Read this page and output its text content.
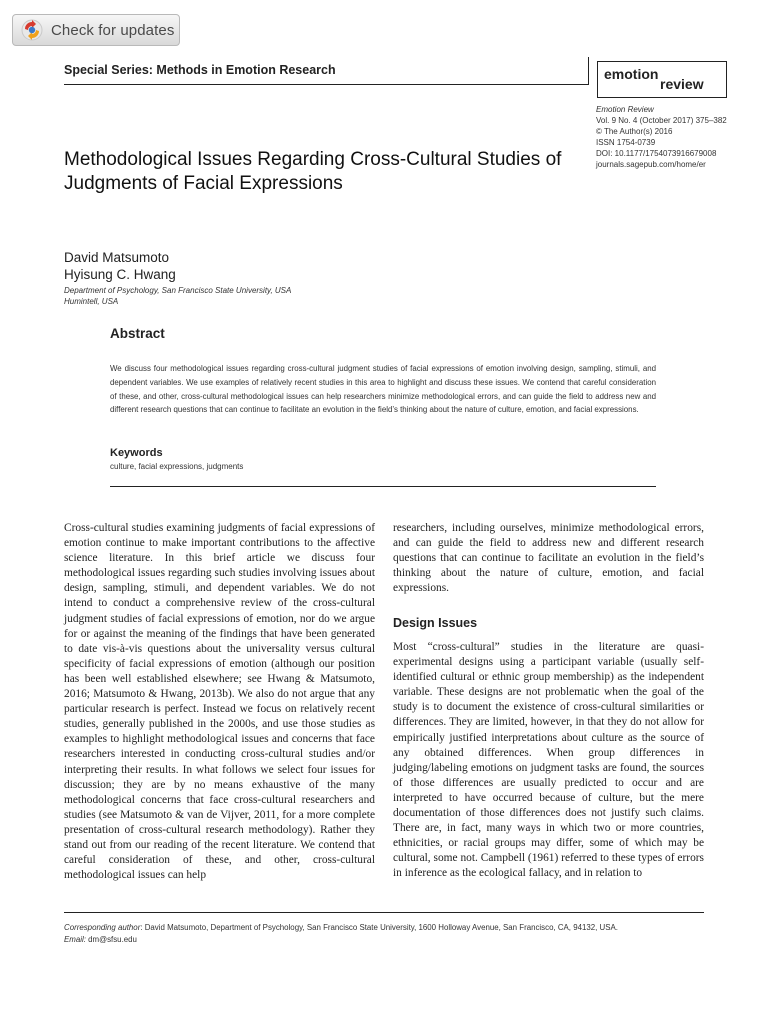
Check for updates
Special Series: Methods in Emotion Research	emotion
review
Emotion Review
Vol. 9 No. 4 (October 2017) 375–382
© The Author(s) 2016
ISSN 1754-0739
DOI: 10.1177/1754073916679008
journals.sagepub.com/home/er
Methodological Issues Regarding Cross-Cultural Studies of Judgments of Facial Expressions
David Matsumoto
Hyisung C. Hwang
Department of Psychology, San Francisco State University, USA
Humintell, USA
Abstract
We discuss four methodological issues regarding cross-cultural judgment studies of facial expressions of emotion involving design, sampling, stimuli, and dependent variables. We use examples of relatively recent studies in this area to highlight and discuss these issues. We contend that careful consideration of these, and other, cross-cultural methodological issues can help researchers minimize methodological errors, and can guide the field to address new and different research questions that can continue to facilitate an evolution in the field’s thinking about the nature of culture, emotion, and facial expressions.
Keywords
culture, facial expressions, judgments
Cross-cultural studies examining judgments of facial expressions of emotion continue to make important contributions to the affective science literature. In this brief article we discuss four methodological issues regarding such studies involving issues about design, sampling, stimuli, and dependent variables. We do not intend to conduct a comprehensive review of the cross-cultural judgment studies of facial expressions of emotion, nor do we argue for or against the meaning of the findings that have been generated to date vis-à-vis questions about the universality versus cultural specificity of facial expressions of emotion (although our position has been well established elsewhere; see Hwang & Matsumoto, 2016; Matsumoto & Hwang, 2013b). We also do not argue that any particular research is perfect. Instead we focus on relatively recent studies, generally published in the 2000s, and use those studies as examples to highlight methodological issues and concerns that face researchers interested in conducting cross-cultural studies and/or interpreting their results. In what follows we select four issues for discussion; they are by no means exhaustive of the many methodological concerns that face cross-cultural researchers and studies (see Matsumoto & van de Vijver, 2011, for a more complete presentation of cross-cultural research methodology). Rather they stand out from our reading of the recent literature. We contend that careful consideration of these, and other, cross-cultural methodological issues can help
researchers, including ourselves, minimize methodological errors, and can guide the field to address new and different research questions that can continue to facilitate an evolution in the field’s thinking about the nature of culture, emotion, and facial expressions.
Design Issues
Most “cross-cultural” studies in the literature are quasi-experimental designs using a participant variable (usually self-identified cultural or ethnic group membership) as the independent variable. These designs are not problematic when the goal of the study is to document the existence of cross-cultural similarities or differences. They are limited, however, in that they do not allow for empirically justified interpretations about culture as the source of any obtained differences. When group differences in judging/labeling emotions on judgment tasks are found, the sources of those differences are usually predicted to occur and are interpreted to have occurred because of culture, but the mere documentation of those differences does not justify such claims. There are, in fact, many ways in which two or more countries, ethnicities, or racial groups may differ, some of which may be cultural, some not. Campbell (1961) referred to these types of errors in inference as the ecological fallacy, and in relation to
Corresponding author: David Matsumoto, Department of Psychology, San Francisco State University, 1600 Holloway Avenue, San Francisco, CA, 94132, USA.
Email: dm@sfsu.edu
